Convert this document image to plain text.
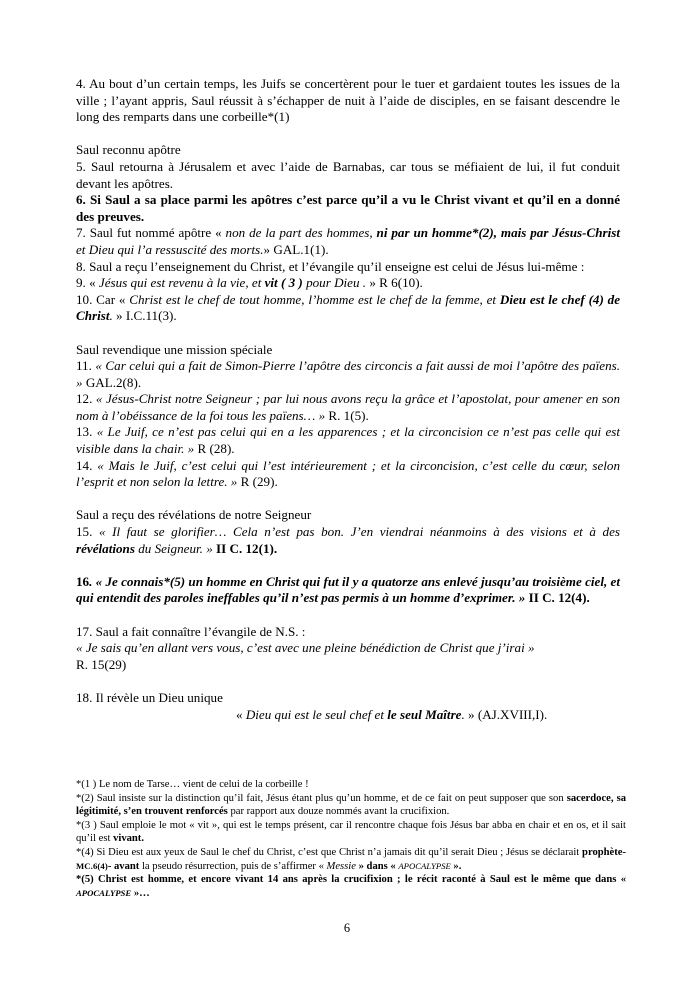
4. Au bout d’un certain temps, les Juifs se concertèrent pour le tuer et gardaient toutes les issues de la ville ; l’ayant appris, Saul réussit à s’échapper de nuit à l’aide de disciples, en se faisant descendre le long des remparts dans une corbeille*(1)

Saul reconnu apôtre

5. Saul retourna à Jérusalem et avec l’aide de Barnabas, car tous se méfiaient de lui, il fut conduit devant les apôtres.

6. Si Saul a sa place parmi les apôtres c’est parce qu’il a vu le Christ vivant et qu’il en a donné des preuves.

7. Saul fut nommé apôtre « non de la part des hommes, ni par un homme*(2), mais par Jésus-Christ et Dieu qui l’a ressuscité des morts.» GAL.1(1).

8. Saul a reçu l’enseignement du Christ, et l’évangile qu’il enseigne est celui de Jésus lui-même :

9. « Jésus qui est revenu à la vie, et vit ( 3 ) pour Dieu . » R 6(10).

10. Car « Christ est le chef de tout homme, l’homme est le chef de la femme, et Dieu est le chef (4) de Christ. » I.C.11(3).

Saul revendique une mission spéciale

11. « Car celui qui a fait de Simon-Pierre l’apôtre des circoncis a fait aussi de moi l’apôtre des païens. » GAL.2(8).

12. « Jésus-Christ notre Seigneur ; par lui nous avons reçu la grâce et l’apostolat, pour amener en son nom à l’obéissance de la foi tous les païens… » R. 1(5).

13. « Le Juif, ce n’est pas celui qui en a les apparences ; et la circoncision ce n’est pas celle qui est visible dans la chair. » R (28).

14. « Mais le Juif, c’est celui qui l’est intérieurement ; et la circoncision, c’est celle du cœur, selon l’esprit et non selon la lettre. » R (29).

Saul a reçu des révélations de notre Seigneur

15. « Il faut se glorifier… Cela n’est pas bon. J’en viendrai néanmoins à des visions et à des révélations du Seigneur. » II C. 12(1).

16. « Je connais*(5) un homme en Christ qui fut il y a quatorze ans enlevé jusqu’au troisième ciel, et qui entendit des paroles ineffables qu’il n’est pas permis à un homme d’exprimer. » II C. 12(4).

17. Saul a fait connaître l’évangile de N.S. :

« Je sais qu’en allant vers vous, c’est avec une pleine bénédiction de Christ que j’irai »

R. 15(29)

18. Il révèle un Dieu unique

« Dieu qui est le seul chef et le seul Maître. » (AJ.XVIII,I).

*(1 ) Le nom de Tarse… vient de celui de la corbeille !

*(2) Saul insiste sur la distinction qu’il fait, Jésus étant plus qu’un homme, et de ce fait on peut supposer que son sacerdoce, sa légitimité, s’en trouvent renforcés par rapport aux douze nommés avant la crucifixion.

*(3 ) Saul emploie le mot « vit », qui est le temps présent, car il rencontre chaque fois Jésus bar abba en chair et en os, et il sait qu’il est vivant.

*(4) Si Dieu est aux yeux de Saul le chef du Christ, c’est que Christ n’a jamais dit qu’il serait Dieu ; Jésus se déclarait prophète-MC.6(4)- avant la pseudo résurrection, puis de s’affirmer « Messie » dans « APOCALYPSE ».

*(5) Christ est homme, et encore vivant 14 ans après la crucifixion ; le récit raconté à Saul est le même que dans « APOCALYPSE »…

6
